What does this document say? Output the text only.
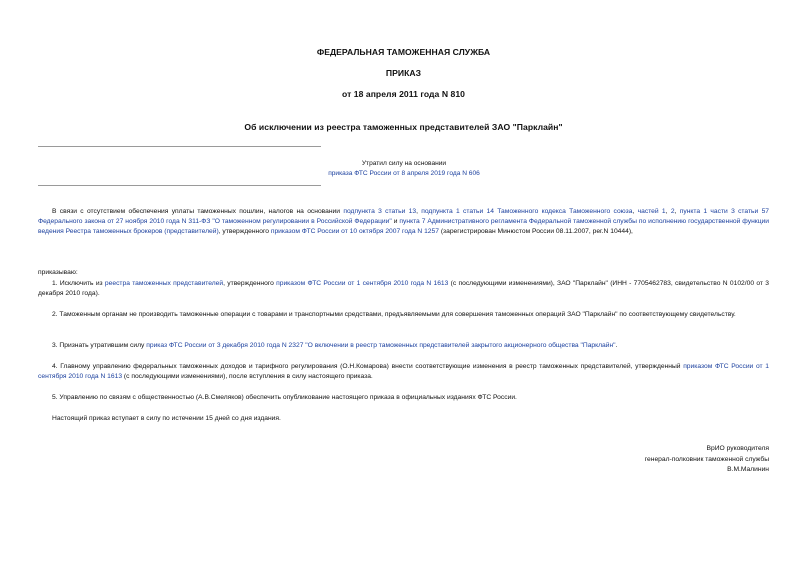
ФЕДЕРАЛЬНАЯ ТАМОЖЕННАЯ СЛУЖБА
ПРИКАЗ
от 18 апреля 2011 года N 810
Об исключении из реестра таможенных представителей ЗАО "Парклайн"
Утратил силу на основании
приказа ФТС России от 8 апреля 2019 года N 606
В связи с отсутствием обеспечения уплаты таможенных пошлин, налогов на основании подпункта 3 статьи 13, подпункта 1 статьи 14 Таможенного кодекса Таможенного союза, частей 1, 2, пункта 1 части 3 статьи 57 Федерального закона от 27 ноября 2010 года N 311-ФЗ "О таможенном регулировании в Российской Федерации" и пункта 7 Административного регламента Федеральной таможенной службы по исполнению государственной функции ведения Реестра таможенных брокеров (представителей), утвержденного приказом ФТС России от 10 октября 2007 года N 1257 (зарегистрирован Минюстом России 08.11.2007, рег.N 10444),
приказываю:
1. Исключить из реестра таможенных представителей, утвержденного приказом ФТС России от 1 сентября 2010 года N 1613 (с последующими изменениями), ЗАО "Парклайн" (ИНН - 7705462783, свидетельство N 0102/00 от 3 декабря 2010 года).
2. Таможенным органам не производить таможенные операции с товарами и транспортными средствами, предъявляемыми для совершения таможенных операций ЗАО "Парклайн" по соответствующему свидетельству.
3. Признать утратившим силу приказ ФТС России от 3 декабря 2010 года N 2327 "О включении в реестр таможенных представителей закрытого акционерного общества "Парклайн".
4. Главному управлению федеральных таможенных доходов и тарифного регулирования (О.Н.Комарова) внести соответствующие изменения в реестр таможенных представителей, утвержденный приказом ФТС России от 1 сентября 2010 года N 1613 (с последующими изменениями), после вступления в силу настоящего приказа.
5. Управлению по связям с общественностью (А.В.Смеляков) обеспечить опубликование настоящего приказа в официальных изданиях ФТС России.
Настоящий приказ вступает в силу по истечении 15 дней со дня издания.
ВрИО руководителя
генерал-полковник таможенной службы
В.М.Малинин
